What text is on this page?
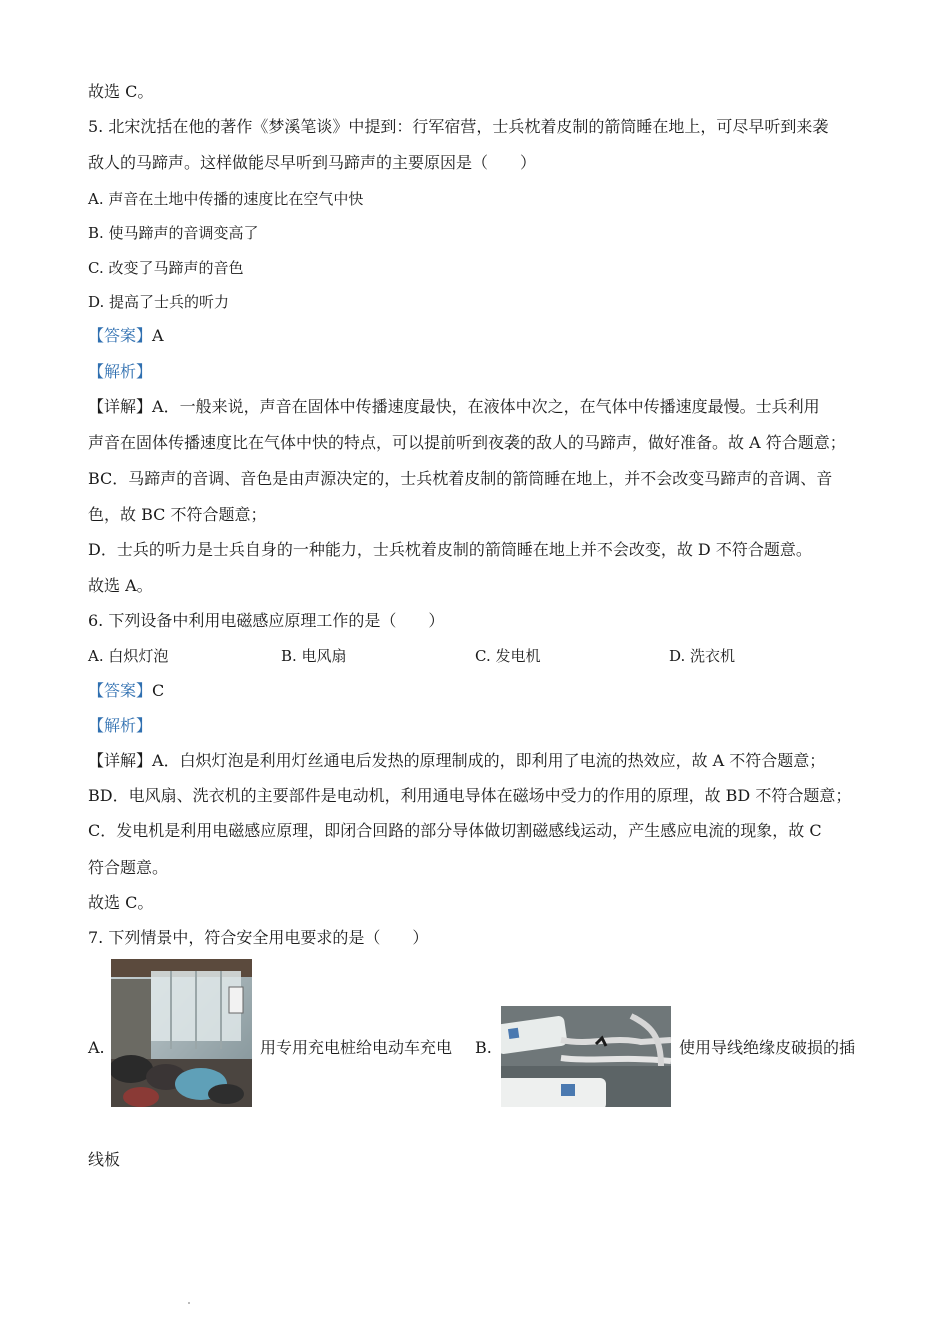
故选 C。
5. 北宋沈括在他的著作《梦溪笔谈》中提到：行军宿营，士兵枕着皮制的箭筒睡在地上，可尽早听到来袭
敌人的马蹄声。这样做能尽早听到马蹄声的主要原因是（　　）
A. 声音在土地中传播的速度比在空气中快
B. 使马蹄声的音调变高了
C. 改变了马蹄声的音色
D. 提高了士兵的听力
【答案】A
【解析】
【详解】A．一般来说，声音在固体中传播速度最快，在液体中次之，在气体中传播速度最慢。士兵利用
声音在固体传播速度比在气体中快的特点，可以提前听到夜袭的敌人的马蹄声，做好准备。故 A 符合题意；
BC．马蹄声的音调、音色是由声源决定的，士兵枕着皮制的箭筒睡在地上，并不会改变马蹄声的音调、音
色，故 BC 不符合题意；
D．士兵的听力是士兵自身的一种能力，士兵枕着皮制的箭筒睡在地上并不会改变，故 D 不符合题意。
故选 A。
6. 下列设备中利用电磁感应原理工作的是（　　）
A. 白炽灯泡	B. 电风扇	C. 发电机	D. 洗衣机
【答案】C
【解析】
【详解】A．白炽灯泡是利用灯丝通电后发热的原理制成的，即利用了电流的热效应，故 A 不符合题意；
BD．电风扇、洗衣机的主要部件是电动机，利用通电导体在磁场中受力的作用的原理，故 BD 不符合题意；
C．发电机是利用电磁感应原理，即闭合回路的部分导体做切割磁感线运动，产生感应电流的现象，故 C
符合题意。
故选 C。
7. 下列情景中，符合安全用电要求的是（　　）
A.	用专用充电桩给电动车充电 B.	使用导线绝缘皮破损的插
线板
